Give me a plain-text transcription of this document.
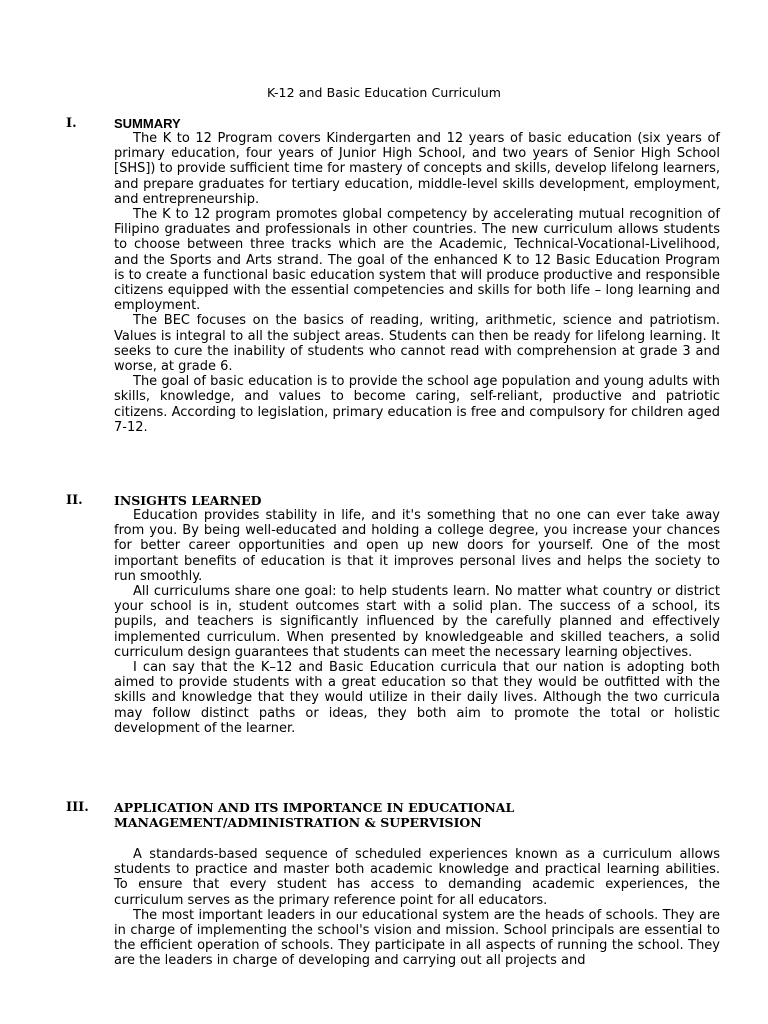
K-12 and Basic Education Curriculum
I.	SUMMARY

The K to 12 Program covers Kindergarten and 12 years of basic education (six years of primary education, four years of Junior High School, and two years of Senior High School [SHS]) to provide sufficient time for mastery of concepts and skills, develop lifelong learners, and prepare graduates for tertiary education, middle-level skills development, employment, and entrepreneurship.

The K to 12 program promotes global competency by accelerating mutual recognition of Filipino graduates and professionals in other countries. The new curriculum allows students to choose between three tracks which are the Academic, Technical-Vocational-Livelihood, and the Sports and Arts strand. The goal of the enhanced K to 12 Basic Education Program is to create a functional basic education system that will produce productive and responsible citizens equipped with the essential competencies and skills for both life – long learning and employment.

The BEC focuses on the basics of reading, writing, arithmetic, science and patriotism. Values is integral to all the subject areas. Students can then be ready for lifelong learning. It seeks to cure the inability of students who cannot read with comprehension at grade 3 and worse, at grade 6.

The goal of basic education is to provide the school age population and young adults with skills, knowledge, and values to become caring, self-reliant, productive and patriotic citizens. According to legislation, primary education is free and compulsory for children aged 7-12.

II.	INSIGHTS LEARNED

Education provides stability in life, and it's something that no one can ever take away from you. By being well-educated and holding a college degree, you increase your chances for better career opportunities and open up new doors for yourself. One of the most important benefits of education is that it improves personal lives and helps the society to run smoothly.

All curriculums share one goal: to help students learn. No matter what country or district your school is in, student outcomes start with a solid plan. The success of a school, its pupils, and teachers is significantly influenced by the carefully planned and effectively implemented curriculum. When presented by knowledgeable and skilled teachers, a solid curriculum design guarantees that students can meet the necessary learning objectives.

I can say that the K–12 and Basic Education curricula that our nation is adopting both aimed to provide students with a great education so that they would be outfitted with the skills and knowledge that they would utilize in their daily lives. Although the two curricula may follow distinct paths or ideas, they both aim to promote the total or holistic development of the learner.

III.	APPLICATION AND ITS IMPORTANCE IN EDUCATIONAL
MANAGEMENT/ADMINISTRATION & SUPERVISION

A standards-based sequence of scheduled experiences known as a curriculum allows students to practice and master both academic knowledge and practical learning abilities. To ensure that every student has access to demanding academic experiences, the curriculum serves as the primary reference point for all educators.

The most important leaders in our educational system are the heads of schools. They are in charge of implementing the school's vision and mission. School principals are essential to the efficient operation of schools. They participate in all aspects of running the school. They are the leaders in charge of developing and carrying out all projects and
